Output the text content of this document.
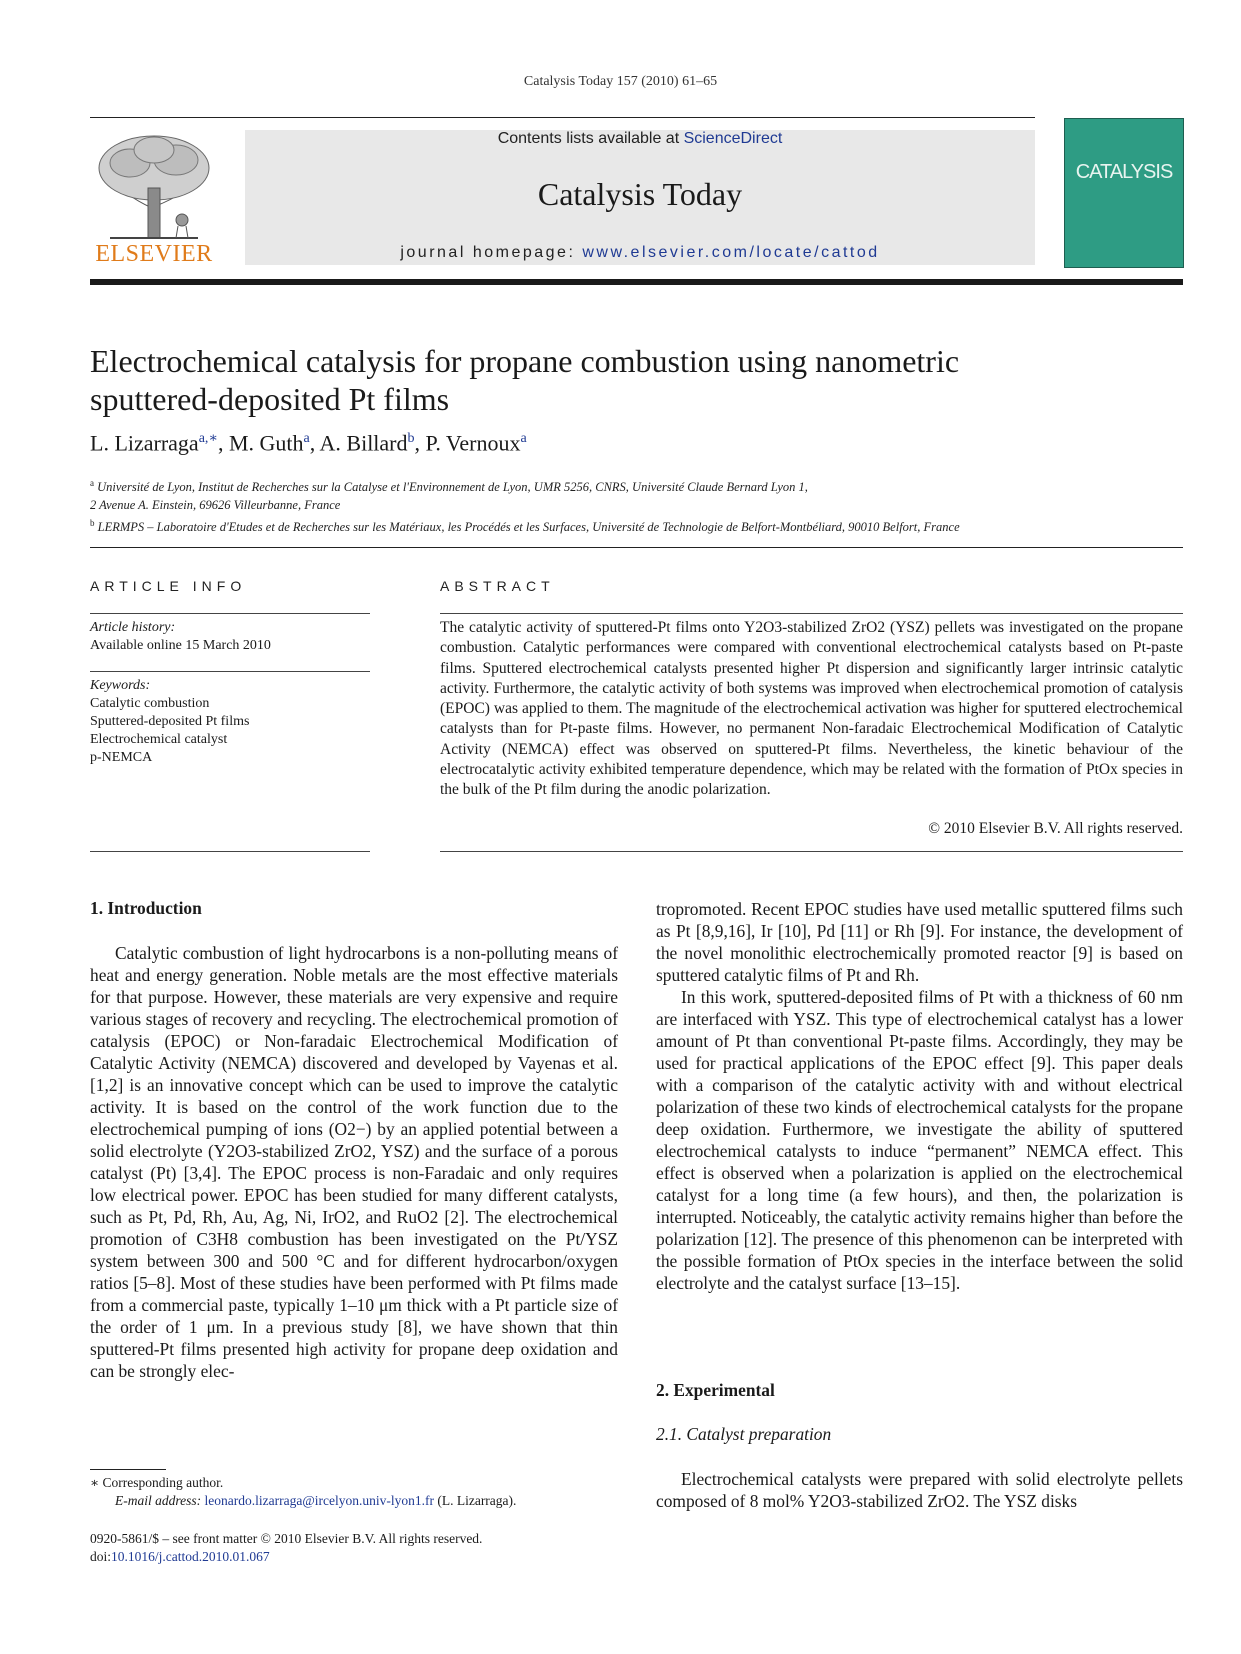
Catalysis Today 157 (2010) 61–65
ELSEVIER
Contents lists available at ScienceDirect
Catalysis Today
journal homepage: www.elsevier.com/locate/cattod
CATALYSIS
Electrochemical catalysis for propane combustion using nanometric
sputtered-deposited Pt films
L. Lizarraga$^{a,∗}$, M. Guth$^a$, A. Billard$^b$, P. Vernoux$^a$
$^a$ Université de Lyon, Institut de Recherches sur la Catalyse et l'Environnement de Lyon, UMR 5256, CNRS, Université Claude Bernard Lyon 1,
2 Avenue A. Einstein, 69626 Villeurbanne, France
$^b$ LERMPS – Laboratoire d'Etudes et de Recherches sur les Matériaux, les Procédés et les Surfaces, Université de Technologie de Belfort-Montbéliard, 90010 Belfort, France
ARTICLE INFO
Article history:
Available online 15 March 2010
Keywords:
Catalytic combustion
Sputtered-deposited Pt films
Electrochemical catalyst
p-NEMCA
ABSTRACT
The catalytic activity of sputtered-Pt films onto Y2O3-stabilized ZrO2 (YSZ) pellets was investigated on the propane combustion. Catalytic performances were compared with conventional electrochemical catalysts based on Pt-paste films. Sputtered electrochemical catalysts presented higher Pt dispersion and significantly larger intrinsic catalytic activity. Furthermore, the catalytic activity of both systems was improved when electrochemical promotion of catalysis (EPOC) was applied to them. The magnitude of the electrochemical activation was higher for sputtered electrochemical catalysts than for Pt-paste films. However, no permanent Non-faradaic Electrochemical Modification of Catalytic Activity (NEMCA) effect was observed on sputtered-Pt films. Nevertheless, the kinetic behaviour of the electrocatalytic activity exhibited temperature dependence, which may be related with the formation of PtOx species in the bulk of the Pt film during the anodic polarization.
© 2010 Elsevier B.V. All rights reserved.
1. Introduction

Catalytic combustion of light hydrocarbons is a non-polluting means of heat and energy generation. Noble metals are the most effective materials for that purpose. However, these materials are very expensive and require various stages of recovery and recycling. The electrochemical promotion of catalysis (EPOC) or Non-faradaic Electrochemical Modification of Catalytic Activity (NEMCA) discovered and developed by Vayenas et al. [1,2] is an innovative concept which can be used to improve the catalytic activity. It is based on the control of the work function due to the electrochemical pumping of ions (O2−) by an applied potential between a solid electrolyte (Y2O3-stabilized ZrO2, YSZ) and the surface of a porous catalyst (Pt) [3,4]. The EPOC process is non-Faradaic and only requires low electrical power. EPOC has been studied for many different catalysts, such as Pt, Pd, Rh, Au, Ag, Ni, IrO2, and RuO2 [2]. The electrochemical promotion of C3H8 combustion has been investigated on the Pt/YSZ system between 300 and 500 °C and for different hydrocarbon/oxygen ratios [5–8]. Most of these studies have been performed with Pt films made from a commercial paste, typically 1–10 μm thick with a Pt particle size of the order of 1 μm. In a previous study [8], we have shown that thin sputtered-Pt films presented high activity for propane deep oxidation and can be strongly elec-

tropromoted. Recent EPOC studies have used metallic sputtered films such as Pt [8,9,16], Ir [10], Pd [11] or Rh [9]. For instance, the development of the novel monolithic electrochemically promoted reactor [9] is based on sputtered catalytic films of Pt and Rh.

In this work, sputtered-deposited films of Pt with a thickness of 60 nm are interfaced with YSZ. This type of electrochemical catalyst has a lower amount of Pt than conventional Pt-paste films. Accordingly, they may be used for practical applications of the EPOC effect [9]. This paper deals with a comparison of the catalytic activity with and without electrical polarization of these two kinds of electrochemical catalysts for the propane deep oxidation. Furthermore, we investigate the ability of sputtered electrochemical catalysts to induce “permanent” NEMCA effect. This effect is observed when a polarization is applied on the electrochemical catalyst for a long time (a few hours), and then, the polarization is interrupted. Noticeably, the catalytic activity remains higher than before the polarization [12]. The presence of this phenomenon can be interpreted with the possible formation of PtOx species in the interface between the solid electrolyte and the catalyst surface [13–15].

2. Experimental
2.1. Catalyst preparation

Electrochemical catalysts were prepared with solid electrolyte pellets composed of 8 mol% Y2O3-stabilized ZrO2. The YSZ disks

∗ Corresponding author.
E-mail address: leonardo.lizarraga@ircelyon.univ-lyon1.fr (L. Lizarraga).
0920-5861/$ – see front matter © 2010 Elsevier B.V. All rights reserved.
doi:10.1016/j.cattod.2010.01.067
